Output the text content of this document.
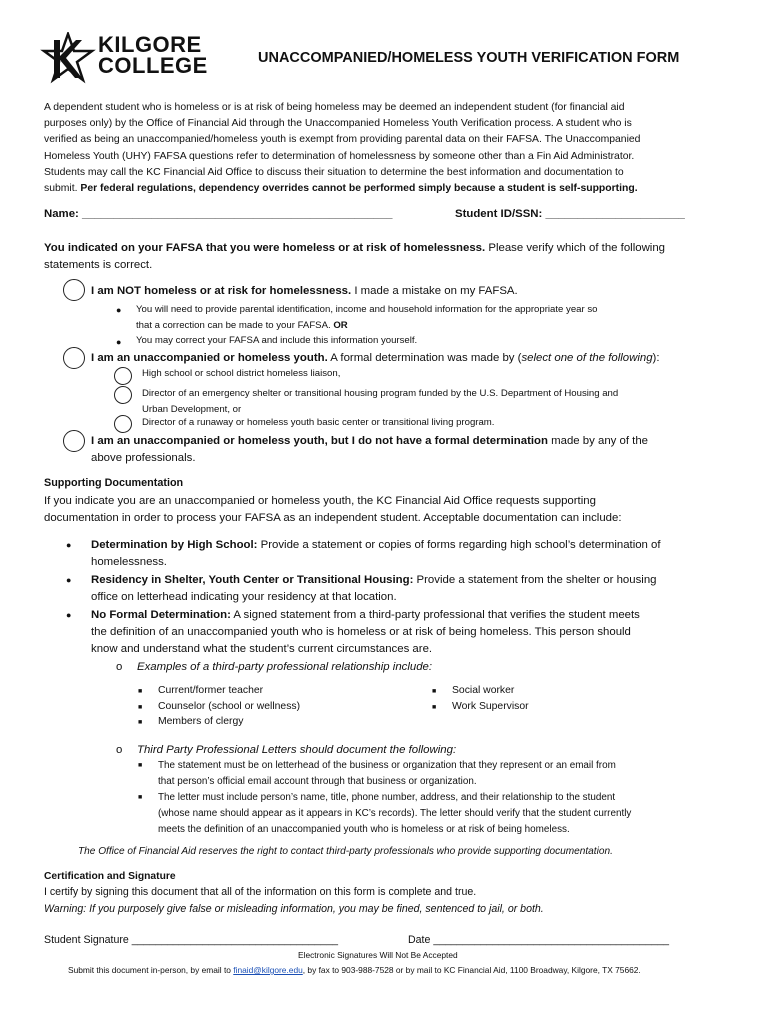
KILGORE
COLLEGE	UNACCOMPANIED/HOMELESS YOUTH VERIFICATION FORM
A dependent student who is homeless or is at risk of being homeless may be deemed an independent student (for financial aid
purposes only) by the Office of Financial Aid through the Unaccompanied Homeless Youth Verification process. A student who is
verified as being an unaccompanied/homeless youth is exempt from providing parental data on their FAFSA. The Unaccompanied
Homeless Youth (UHY) FAFSA questions refer to determination of homelessness by someone other than a Fin Aid Administrator.
Students may call the KC Financial Aid Office to discuss their situation to determine the best information and documentation to
submit. Per federal regulations, dependency overrides cannot be performed simply because a student is self-supporting.
Name: _________________________________________________	Student ID/SSN: ______________________
You indicated on your FAFSA that you were homeless or at risk of homelessness. Please verify which of the following
statements is correct.
I am NOT homeless or at risk for homelessness. I made a mistake on my FAFSA.
● You will need to provide parental identification, income and household information for the appropriate year so
that a correction can be made to your FAFSA. OR
● You may correct your FAFSA and include this information yourself.
I am an unaccompanied or homeless youth. A formal determination was made by (select one of the following):
High school or school district homeless liaison,
Director of an emergency shelter or transitional housing program funded by the U.S. Department of Housing and
Urban Development, or
Director of a runaway or homeless youth basic center or transitional living program.
I am an unaccompanied or homeless youth, but I do not have a formal determination made by any of the
above professionals.
Supporting Documentation
If you indicate you are an unaccompanied or homeless youth, the KC Financial Aid Office requests supporting
documentation in order to process your FAFSA as an independent student. Acceptable documentation can include:
● Determination by High School: Provide a statement or copies of forms regarding high school’s determination of
homelessness.
● Residency in Shelter, Youth Center or Transitional Housing: Provide a statement from the shelter or housing
office on letterhead indicating your residency at that location.
● No Formal Determination: A signed statement from a third-party professional that verifies the student meets
the definition of an unaccompanied youth who is homeless or at risk of being homeless. This person should
know and understand what the student’s current circumstances are.
o Examples of a third-party professional relationship include:
■ Current/former teacher
■ Counselor (school or wellness)
■ Members of clergy
■ Social worker
■ Work Supervisor
o Third Party Professional Letters should document the following:
■ The statement must be on letterhead of the business or organization that they represent or an email from
that person’s official email account through that business or organization.
■ The letter must include person’s name, title, phone number, address, and their relationship to the student
(whose name should appear as it appears in KC’s records). The letter should verify that the student currently
meets the definition of an unaccompanied youth who is homeless or at risk of being homeless.
The Office of Financial Aid reserves the right to contact third-party professionals who provide supporting documentation.
Certification and Signature
I certify by signing this document that all of the information on this form is complete and true.
Warning: If you purposely give false or misleading information, you may be fined, sentenced to jail, or both.
Student Signature ___________________________________	Date ________________________________________
Electronic Signatures Will Not Be Accepted
Submit this document in-person, by email to finaid@kilgore.edu, by fax to 903-988-7528 or by mail to KC Financial Aid, 1100 Broadway, Kilgore, TX 75662.
